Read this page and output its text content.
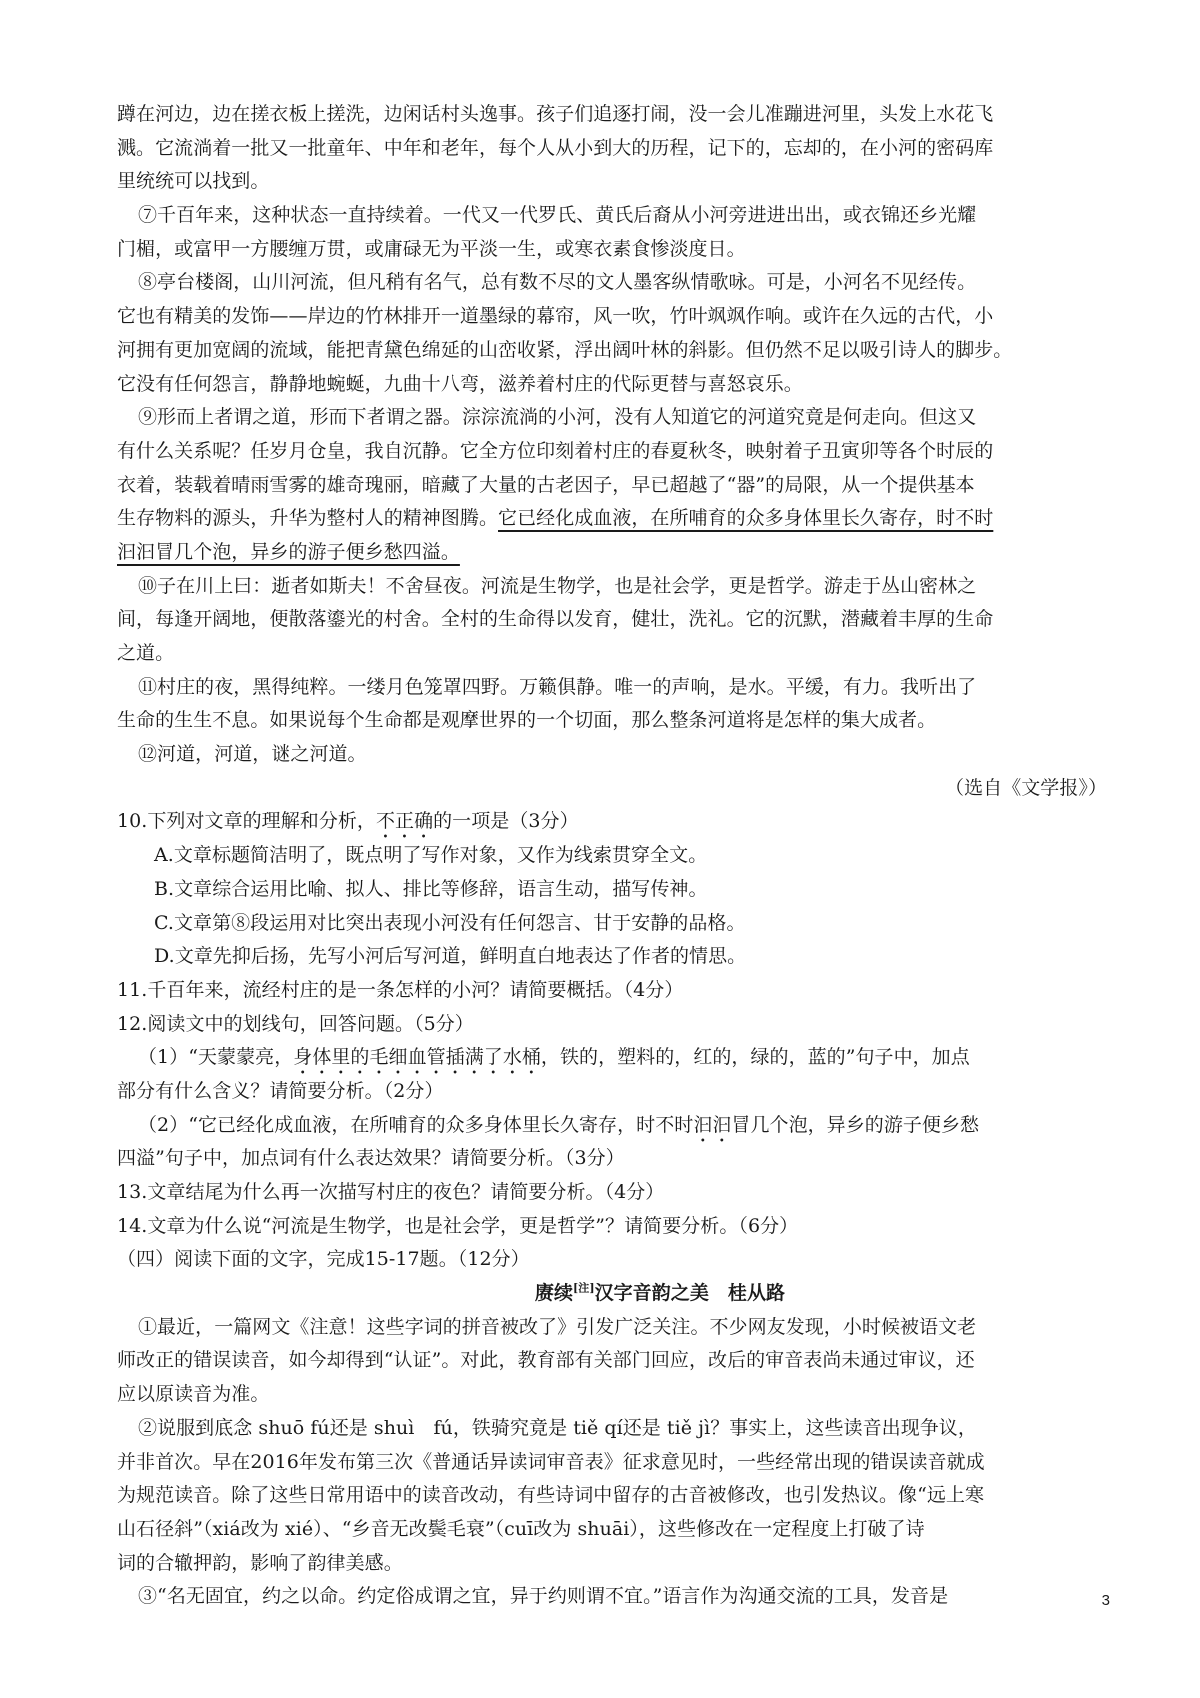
蹲在河边，边在搓衣板上搓洗，边闲话村头逸事。孩子们追逐打闹，没一会儿准蹦进河里，头发上水花飞
溅。它流淌着一批又一批童年、中年和老年，每个人从小到大的历程，记下的，忘却的，在小河的密码库
里统统可以找到。
⑦千百年来，这种状态一直持续着。一代又一代罗氏、黄氏后裔从小河旁进进出出，或衣锦还乡光耀
门楣，或富甲一方腰缠万贯，或庸碌无为平淡一生，或寒衣素食惨淡度日。
⑧亭台楼阁，山川河流，但凡稍有名气，总有数不尽的文人墨客纵情歌咏。可是，小河名不见经传。
它也有精美的发饰——岸边的竹林排开一道墨绿的幕帘，风一吹，竹叶飒飒作响。或许在久远的古代，小
河拥有更加宽阔的流域，能把青黛色绵延的山峦收紧，浮出阔叶林的斜影。但仍然不足以吸引诗人的脚步。
它没有任何怨言，静静地蜿蜒，九曲十八弯，滋养着村庄的代际更替与喜怒哀乐。
⑨形而上者谓之道，形而下者谓之器。淙淙流淌的小河，没有人知道它的河道究竟是何走向。但这又
有什么关系呢？任岁月仓皇，我自沉静。它全方位印刻着村庄的春夏秋冬，映射着子丑寅卯等各个时辰的
衣着，装载着晴雨雪雾的雄奇瑰丽，暗藏了大量的古老因子，早已超越了“器”的局限，从一个提供基本
生存物料的源头，升华为整村人的精神图腾。它已经化成血液，在所哺育的众多身体里长久寄存，时不时
汩汩冒几个泡，异乡的游子便乡愁四溢。
⑩子在川上曰：逝者如斯夫！不舍昼夜。河流是生物学，也是社会学，更是哲学。游走于丛山密林之
间，每逢开阔地，便散落鎏光的村舍。全村的生命得以发育，健壮，洗礼。它的沉默，潜藏着丰厚的生命
之道。
⑪村庄的夜，黑得纯粹。一缕月色笼罩四野。万籁俱静。唯一的声响，是水。平缓，有力。我听出了
生命的生生不息。如果说每个生命都是观摩世界的一个切面，那么整条河道将是怎样的集大成者。
⑫河道，河道，谜之河道。
（选自《文学报》）
10.下列对文章的理解和分析，不正确的一项是（3分）
A.文章标题简洁明了，既点明了写作对象，又作为线索贯穿全文。
B.文章综合运用比喻、拟人、排比等修辞，语言生动，描写传神。
C.文章第⑧段运用对比突出表现小河没有任何怨言、甘于安静的品格。
D.文章先抑后扬，先写小河后写河道，鲜明直白地表达了作者的情思。
11.千百年来，流经村庄的是一条怎样的小河？请简要概括。（4分）
12.阅读文中的划线句，回答问题。（5分）
（1）“天蒙蒙亮，身体里的毛细血管插满了水桶，铁的，塑料的，红的，绿的，蓝的”句子中，加点
部分有什么含义？请简要分析。（2分）
（2）“它已经化成血液，在所哺育的众多身体里长久寄存，时不时汩汩冒几个泡，异乡的游子便乡愁
四溢”句子中，加点词有什么表达效果？请简要分析。（3分）
13.文章结尾为什么再一次描写村庄的夜色？请简要分析。（4分）
14.文章为什么说“河流是生物学，也是社会学，更是哲学”？请简要分析。（6分）
（四）阅读下面的文字，完成15-17题。（12分）
赓续[注]汉字音韵之美　桂从路
①最近，一篇网文《注意！这些字词的拼音被改了》引发广泛关注。不少网友发现，小时候被语文老
师改正的错误读音，如今却得到“认证”。对此，教育部有关部门回应，改后的审音表尚未通过审议，还
应以原读音为准。
②说服到底念 shuō fú还是 shuì　fú，铁骑究竟是 tiě qí还是 tiě jì？事实上，这些读音出现争议，
并非首次。早在2016年发布第三次《普通话异读词审音表》征求意见时，一些经常出现的错误读音就成
为规范读音。除了这些日常用语中的读音改动，有些诗词中留存的古音被修改，也引发热议。像“远上寒
山石径斜”（xiá改为 xié）、“乡音无改鬓毛衰”（cuī改为 shuāi），这些修改在一定程度上打破了诗
词的合辙押韵，影响了韵律美感。
③“名无固宜，约之以命。约定俗成谓之宜，异于约则谓不宜。”语言作为沟通交流的工具，发音是	3
